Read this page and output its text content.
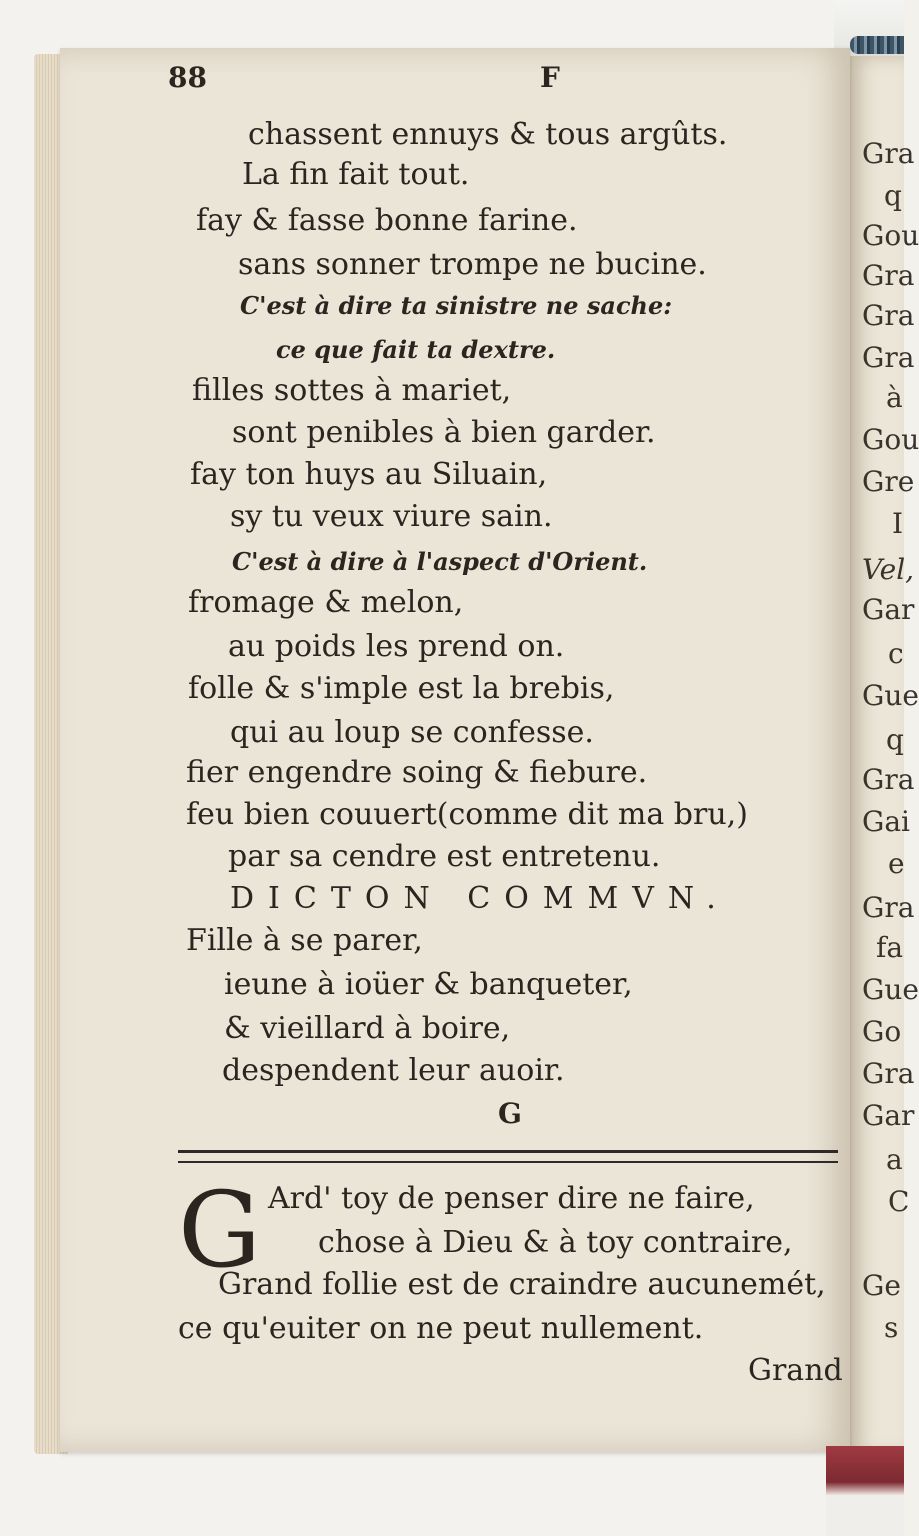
88	F
chassent ennuys & tous argûts.
La fin fait tout.
fay & fasse bonne farine.
sans sonner trompe ne bucine.
C'est à dire ta sinistre ne sache:
ce que fait ta dextre.
filles sottes à mariet,
sont penibles à bien garder.
fay ton huys au Siluain,
sy tu veux viure sain.
C'est à dire à l'aspect d'Orient.
fromage & melon,
au poids les prend on.
folle & s'imple est la brebis,
qui au loup se confesse.
fier engendre soing & fiebure.
feu bien couuert(comme dit ma bru,)
par sa cendre est entretenu.
DICTON COMMVN.
Fille à se parer,
ieune à ioüer & banqueter,
& vieillard à boire,
despendent leur auoir.
G
G Ard' toy de penser dire ne faire,
chose à Dieu & à toy contraire,
Grand follie est de craindre aucunemét,
ce qu'euiter on ne peut nullement.
Grand
Gra
q
Gou
Gra
Gra
Gra
à
Gou
Gre
I
Vel,
Gar
c
Gue
q
Gra
Gai
e
Gra
fa
Gue
Go
Gra
Gar
a
C
Ge
s
